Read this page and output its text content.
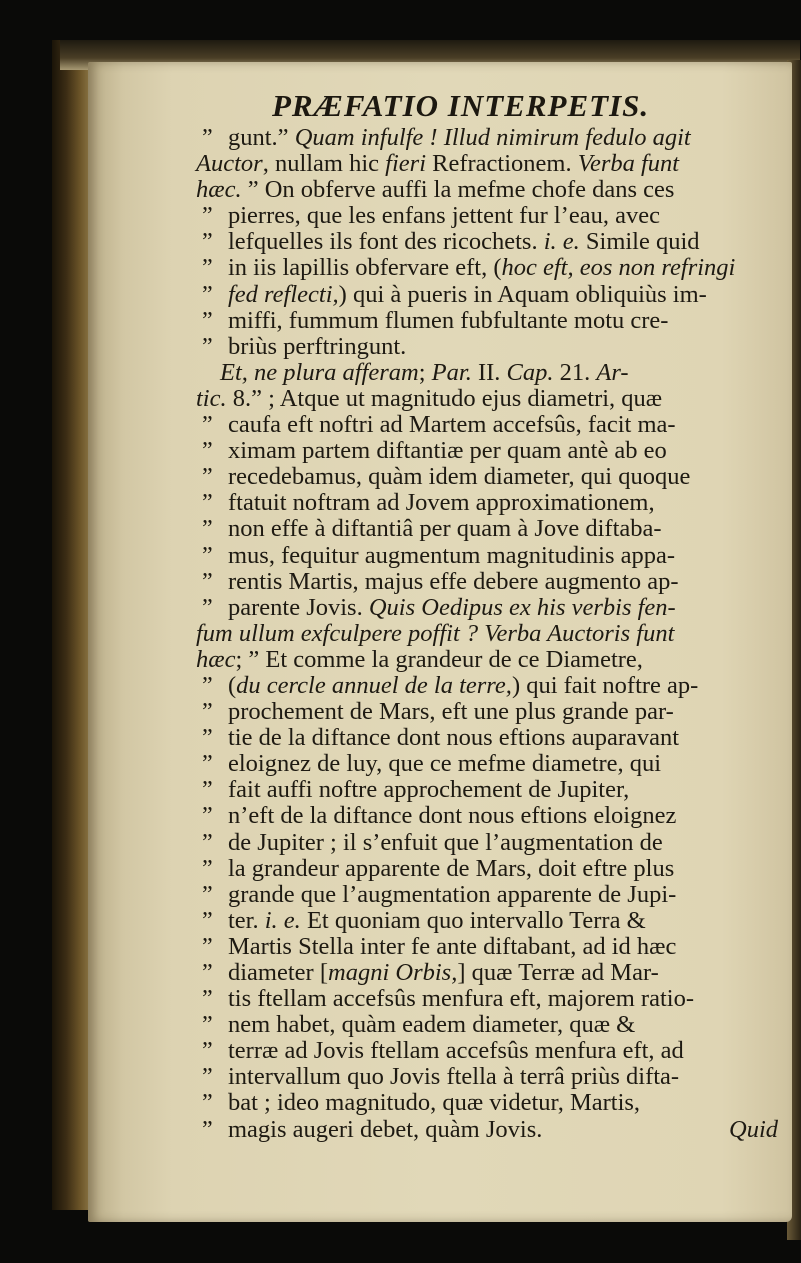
PRÆFATIO INTERPETIS.
” gunt.” Quam infulfe ! Illud nimirum fedulo agit
Auctor, nullam hic fieri Refractionem. Verba funt
hæc. ” On obferve auffi la mefme chofe dans ces
” pierres, que les enfans jettent fur l’eau, avec
” lefquelles ils font des ricochets. i. e. Simile quid
” in iis lapillis obfervare eft, (hoc eft, eos non refringi
” fed reflecti,) qui à pueris in Aquam obliquiùs im-
” miffi, fummum flumen fubfultante motu cre-
” briùs perftringunt.
Et, ne plura afferam; Par. II. Cap. 21. Ar-
tic. 8.” ; Atque ut magnitudo ejus diametri, quæ
” caufa eft noftri ad Martem accefsûs, facit ma-
” ximam partem diftantiæ per quam antè ab eo
” recedebamus, quàm idem diameter, qui quoque
” ftatuit noftram ad Jovem approximationem,
” non effe à diftantiâ per quam à Jove diftaba-
” mus, fequitur augmentum magnitudinis appa-
” rentis Martis, majus effe debere augmento ap-
” parente Jovis. Quis Oedipus ex his verbis fen-
fum ullum exfculpere poffit ? Verba Auctoris funt
hæc; ” Et comme la grandeur de ce Diametre,
” (du cercle annuel de la terre,) qui fait noftre ap-
” prochement de Mars, eft une plus grande par-
” tie de la diftance dont nous eftions auparavant
” eloignez de luy, que ce mefme diametre, qui
” fait auffi noftre approchement de Jupiter,
” n’eft de la diftance dont nous eftions eloignez
” de Jupiter ; il s’enfuit que l’augmentation de
” la grandeur apparente de Mars, doit eftre plus
” grande que l’augmentation apparente de Jupi-
” ter. i. e. Et quoniam quo intervallo Terra &
” Martis Stella inter fe ante diftabant, ad id hæc
” diameter [magni Orbis,] quæ Terræ ad Mar-
” tis ftellam accefsûs menfura eft, majorem ratio-
” nem habet, quàm eadem diameter, quæ &
” terræ ad Jovis ftellam accefsûs menfura eft, ad
” intervallum quo Jovis ftella à terrâ priùs difta-
” bat ; ideo magnitudo, quæ videtur, Martis,
” magis augeri debet, quàm Jovis.	Quid
